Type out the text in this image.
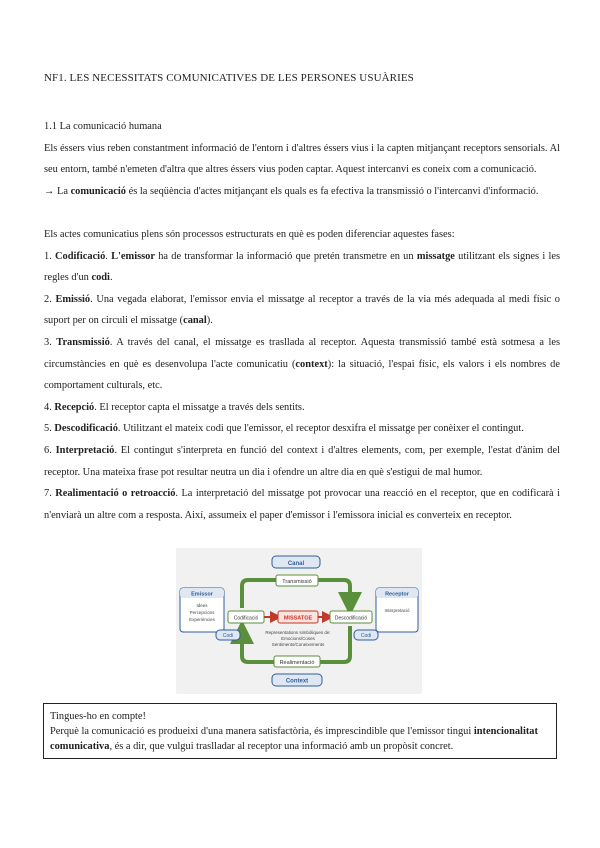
NF1. LES NECESSITATS COMUNICATIVES DE LES PERSONES USUÀRIES

1.1 La comunicació humana

Els éssers vius reben constantment informació de l'entorn i d'altres éssers vius i la capten mitjançant receptors sensorials. Al seu entorn, també n'emeten d'altra que altres éssers vius poden captar. Aquest intercanvi es coneix com a comunicació.

→ La comunicació és la seqüència d'actes mitjançant els quals es fa efectiva la transmissió o l'intercanvi d'informació.

Els actes comunicatius plens són processos estructurats en què es poden diferenciar aquestes fases:

1. Codificació. L'emissor ha de transformar la informació que pretén transmetre en un missatge utilitzant els signes i les regles d'un codi.

2. Emissió. Una vegada elaborat, l'emissor envia el missatge al receptor a través de la via més adequada al medi físic o suport per on circuli el missatge (canal).

3. Transmissió. A través del canal, el missatge es trasllada al receptor. Aquesta transmissió també està sotmesa a les circumstàncies en què es desenvolupa l'acte comunicatiu (context): la situació, l'espai físic, els valors i els nombres de comportament culturals, etc.

4. Recepció. El receptor capta el missatge a través dels sentits.

5. Descodificació. Utilitzant el mateix codi que l'emissor, el receptor desxifra el missatge per conèixer el contingut.

6. Interpretació. El contingut s'interpreta en funció del context i d'altres elements, com, per exemple, l'estat d'ànim del receptor. Una mateixa frase pot resultar neutra un dia i ofendre un altre dia en què s'estigui de mal humor.

7. Realimentació o retroacció. La interpretació del missatge pot provocar una reacció en el receptor, que en codificarà i n'enviarà un altre com a resposta. Així, assumeix el paper d'emissor i l'emissora inicial es converteix en receptor.

Canal
Transmissió
Emissor
Idees
Percepcions
Experiències	Codificació	MISSATGE	Descodificació
Receptor
Interpretació
Codi	Codi
Representations simbòliques de:
Emocions/Coses
Sentiments/Coneixements
Realimentació
Context
Tingues-ho en compte!
Perquè la comunicació es produeixi d'una manera satisfactòria, és imprescindible que l'emissor tingui intencionalitat comunicativa, és a dir, que vulgui traslladar al receptor una informació amb un propòsit concret.
